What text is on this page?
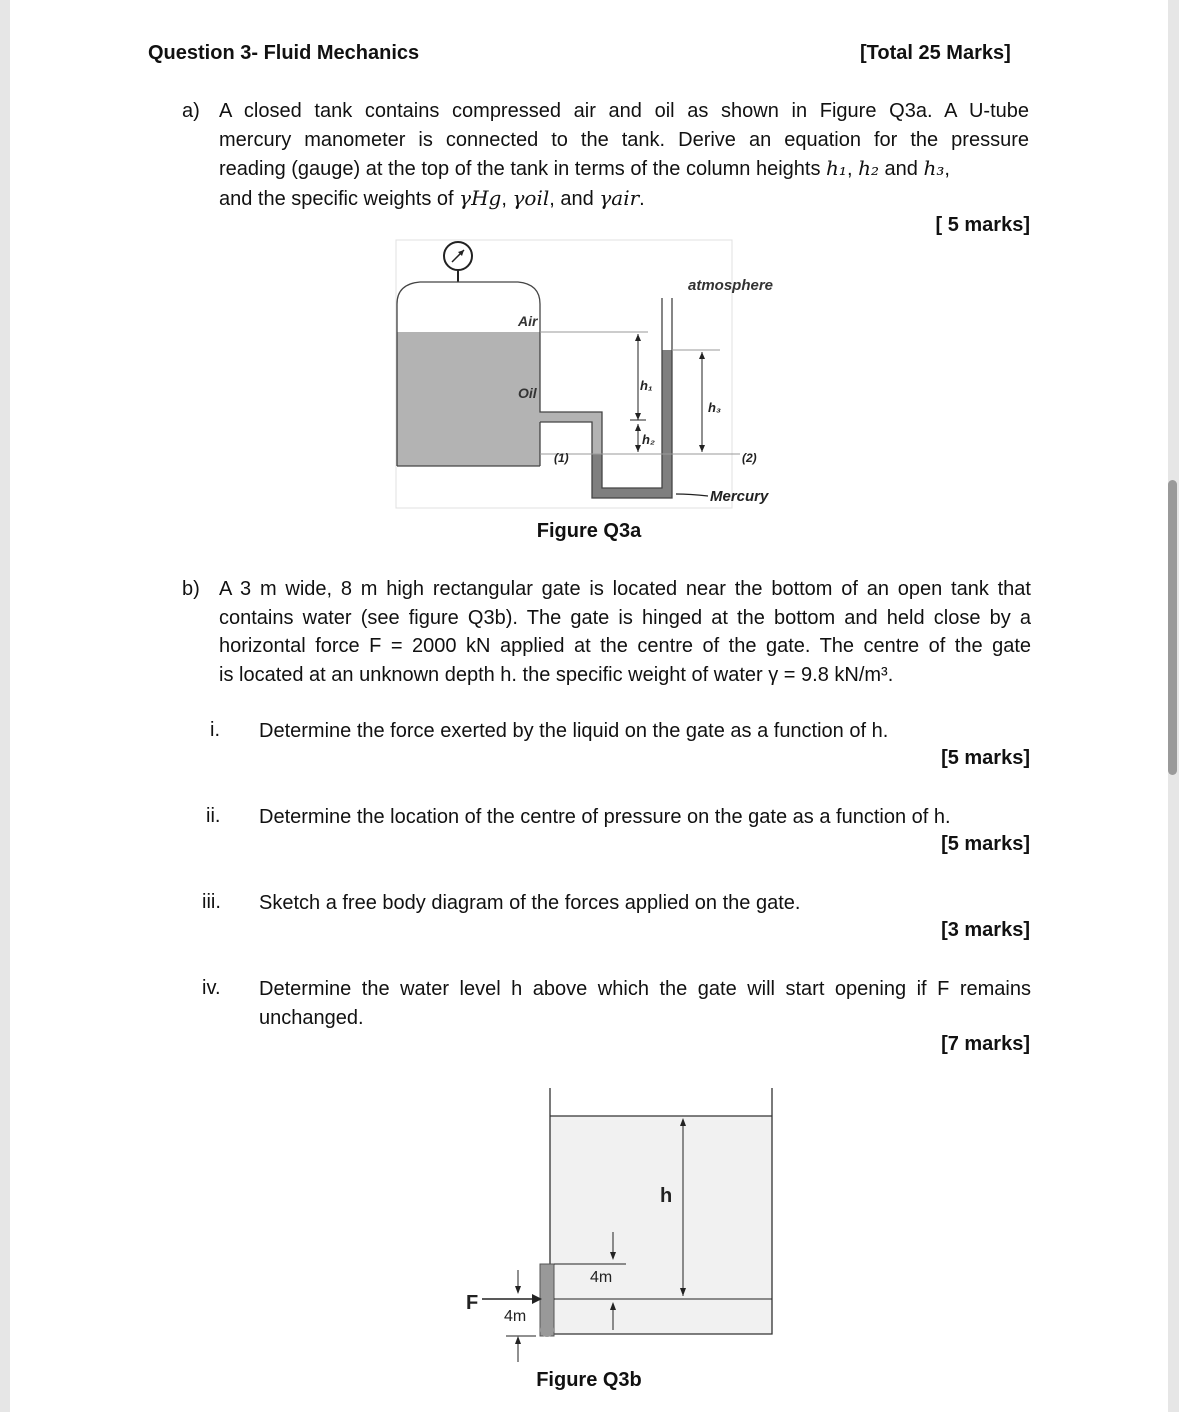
Question 3- Fluid Mechanics	[Total 25 Marks]
a) A closed tank contains compressed air and oil as shown in Figure Q3a. A U-tube
mercury manometer is connected to the tank. Derive an equation for the pressure
reading (gauge) at the top of the tank in terms of the column heights h₁, h₂ and h₃,
and the specific weights of γHg, γoil, and γair.
[ 5 marks]
atmosphere
Air
Oil	h₁
h₂
h₃
(1)	(2)
Mercury
Figure Q3a
b) A 3 m wide, 8 m high rectangular gate is located near the bottom of an open tank that
contains water (see figure Q3b). The gate is hinged at the bottom and held close by a
horizontal force F = 2000 kN applied at the centre of the gate. The centre of the gate
is located at an unknown depth h. the specific weight of water γ = 9.8 kN/m³.
i. Determine the force exerted by the liquid on the gate as a function of h.
[5 marks]
ii. Determine the location of the centre of pressure on the gate as a function of h.
[5 marks]
iii. Sketch a free body diagram of the forces applied on the gate.
[3 marks]
iv. Determine the water level h above which the gate will start opening if F remains
unchanged.
[7 marks]
h
4m
4m
F
Figure Q3b
